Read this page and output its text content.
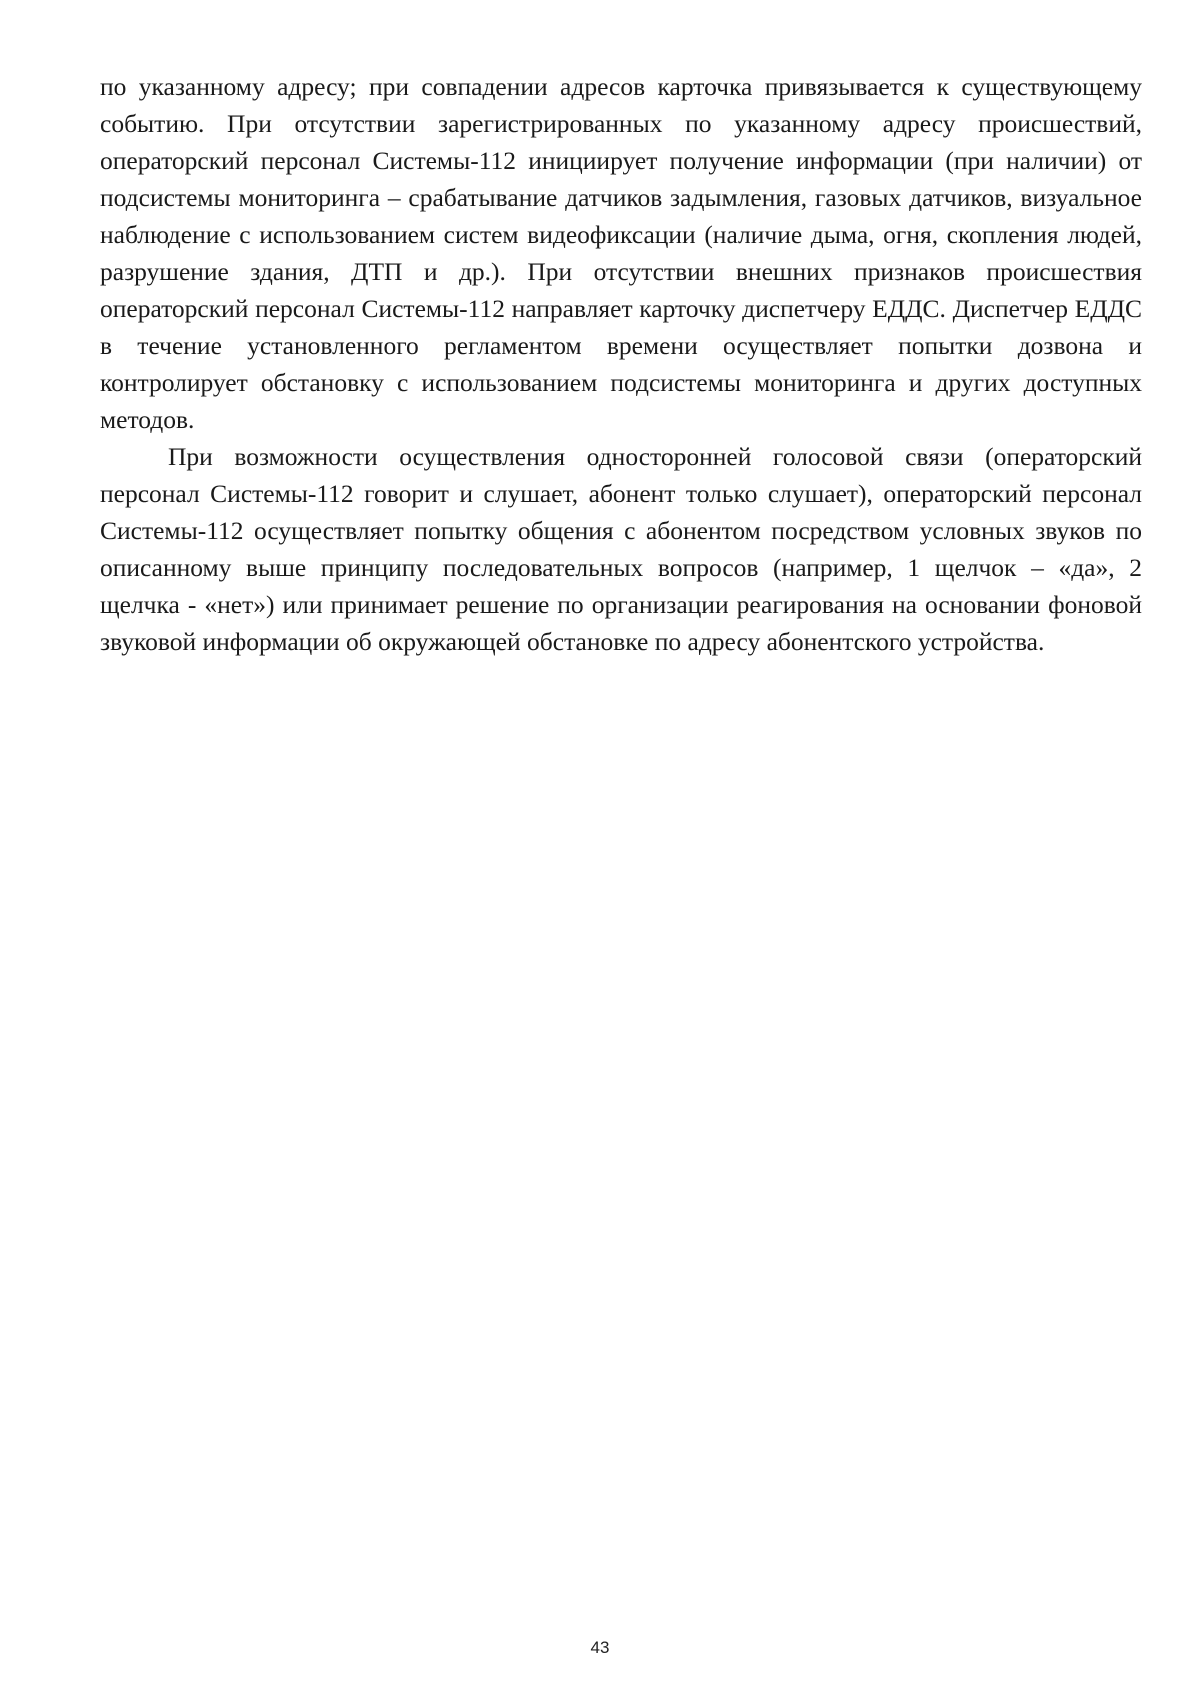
по указанному адресу; при совпадении адресов карточка привязывается к существующему событию. При отсутствии зарегистрированных по указанному адресу происшествий, операторский персонал Системы-112 инициирует получение информации (при наличии) от подсистемы мониторинга – срабатывание датчиков задымления, газовых датчиков, визуальное наблюдение с использованием систем видеофиксации (наличие дыма, огня, скопления людей, разрушение здания, ДТП и др.). При отсутствии внешних признаков происшествия операторский персонал Системы-112 направляет карточку диспетчеру ЕДДС. Диспетчер ЕДДС в течение установленного регламентом времени осуществляет попытки дозвона и контролирует обстановку с использованием подсистемы мониторинга и других доступных методов.

При возможности осуществления односторонней голосовой связи (операторский персонал Системы-112 говорит и слушает, абонент только слушает), операторский персонал Системы-112 осуществляет попытку общения с абонентом посредством условных звуков по описанному выше принципу последовательных вопросов (например, 1 щелчок – «да», 2 щелчка - «нет») или принимает решение по организации реагирования на основании фоновой звуковой информации об окружающей обстановке по адресу абонентского устройства.

43
